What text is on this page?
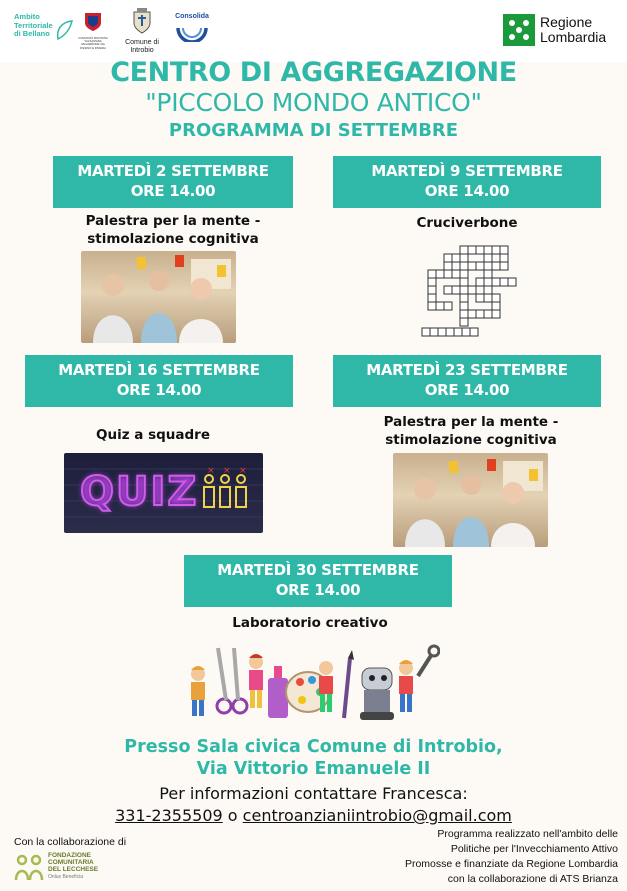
Ambito
Territoriale
di Bellano	COMUNITÀ MONTANA VALSASSINA VALVARRONE VAL D'ESINO E RIVIERA
Comune di Introbio
Consolida	Regione
Lombardia
CENTRO DI AGGREGAZIONE
"PICCOLO MONDO ANTICO"
PROGRAMMA DI SETTEMBRE
MARTEDÌ 2 SETTEMBRE
ORE 14.00
Palestra per la mente -
stimolazione cognitiva
MARTEDÌ 9 SETTEMBRE
ORE 14.00
Cruciverbone
MARTEDÌ 16 SETTEMBRE
ORE 14.00
Quiz a squadre
× × ×
QUIZ
MARTEDÌ 23 SETTEMBRE
ORE 14.00
Palestra per la mente -
stimolazione cognitiva
MARTEDÌ 30 SETTEMBRE
ORE 14.00
Laboratorio creativo
Presso Sala civica Comune di Introbio,
Via Vittorio Emanuele II
Per informazioni contattare Francesca:
331-2355509 o centroanzianiintrobio@gmail.com
Con la collaborazione di
FONDAZIONE
COMUNITARIA
DEL LECCHESE
Onlus Beneficia
Programma realizzato nell'ambito delle
Politiche per l'Invecchiamento Attivo
Promosse e finanziate da Regione Lombardia
con la collaborazione di ATS Brianza
